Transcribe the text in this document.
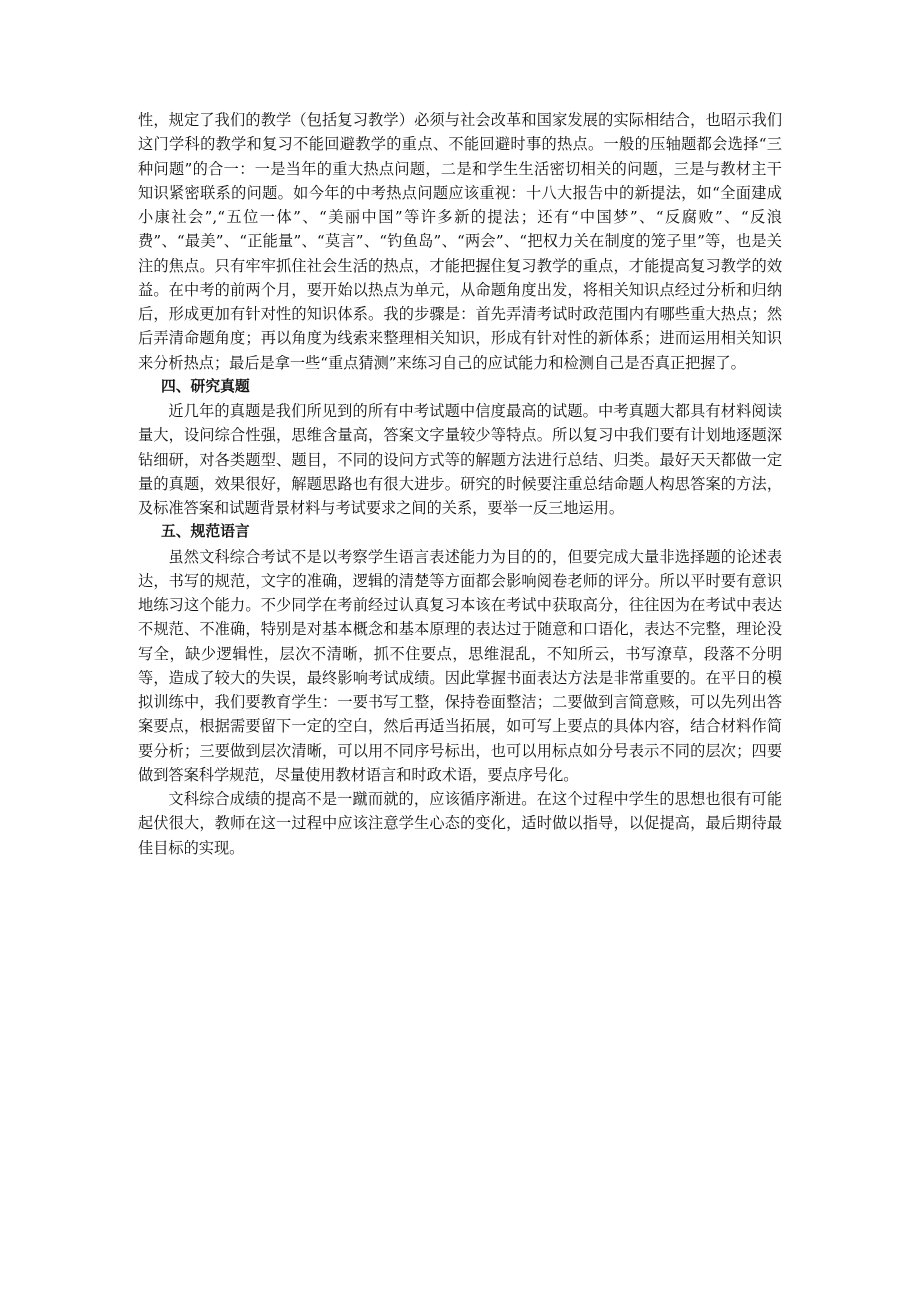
性，规定了我们的教学（包括复习教学）必须与社会改革和国家发展的实际相结合，也昭示我们这门学科的教学和复习不能回避教学的重点、不能回避时事的热点。一般的压轴题都会选择“三种问题”的合一：一是当年的重大热点问题，二是和学生生活密切相关的问题，三是与教材主干知识紧密联系的问题。如今年的中考热点问题应该重视：十八大报告中的新提法，如“全面建成小康社会”,“五位一体”、“美丽中国”等许多新的提法；还有“中国梦”、“反腐败”、“反浪费”、“最美”、“正能量”、“莫言”、“钓鱼岛”、“两会”、“把权力关在制度的笼子里”等，也是关注的焦点。只有牢牢抓住社会生活的热点，才能把握住复习教学的重点，才能提高复习教学的效益。在中考的前两个月，要开始以热点为单元，从命题角度出发，将相关知识点经过分析和归纳后，形成更加有针对性的知识体系。我的步骤是：首先弄清考试时政范围内有哪些重大热点；然后弄清命题角度；再以角度为线索来整理相关知识，形成有针对性的新体系；进而运用相关知识来分析热点；最后是拿一些“重点猜测”来练习自己的应试能力和检测自己是否真正把握了。

四、研究真题

近几年的真题是我们所见到的所有中考试题中信度最高的试题。中考真题大都具有材料阅读量大，设问综合性强，思维含量高，答案文字量较少等特点。所以复习中我们要有计划地逐题深钻细研，对各类题型、题目，不同的设问方式等的解题方法进行总结、归类。最好天天都做一定量的真题，效果很好，解题思路也有很大进步。研究的时候要注重总结命题人构思答案的方法，及标准答案和试题背景材料与考试要求之间的关系，要举一反三地运用。

五、规范语言

虽然文科综合考试不是以考察学生语言表述能力为目的的，但要完成大量非选择题的论述表达，书写的规范，文字的准确，逻辑的清楚等方面都会影响阅卷老师的评分。所以平时要有意识地练习这个能力。不少同学在考前经过认真复习本该在考试中获取高分，往往因为在考试中表达不规范、不准确，特别是对基本概念和基本原理的表达过于随意和口语化，表达不完整，理论没写全，缺少逻辑性，层次不清晰，抓不住要点，思维混乱，不知所云，书写潦草，段落不分明等，造成了较大的失误，最终影响考试成绩。因此掌握书面表达方法是非常重要的。在平日的模拟训练中，我们要教育学生：一要书写工整，保持卷面整洁；二要做到言简意赅，可以先列出答案要点，根据需要留下一定的空白，然后再适当拓展，如可写上要点的具体内容，结合材料作简要分析；三要做到层次清晰，可以用不同序号标出，也可以用标点如分号表示不同的层次；四要做到答案科学规范，尽量使用教材语言和时政术语，要点序号化。

文科综合成绩的提高不是一蹴而就的，应该循序渐进。在这个过程中学生的思想也很有可能起伏很大，教师在这一过程中应该注意学生心态的变化，适时做以指导，以促提高，最后期待最佳目标的实现。
